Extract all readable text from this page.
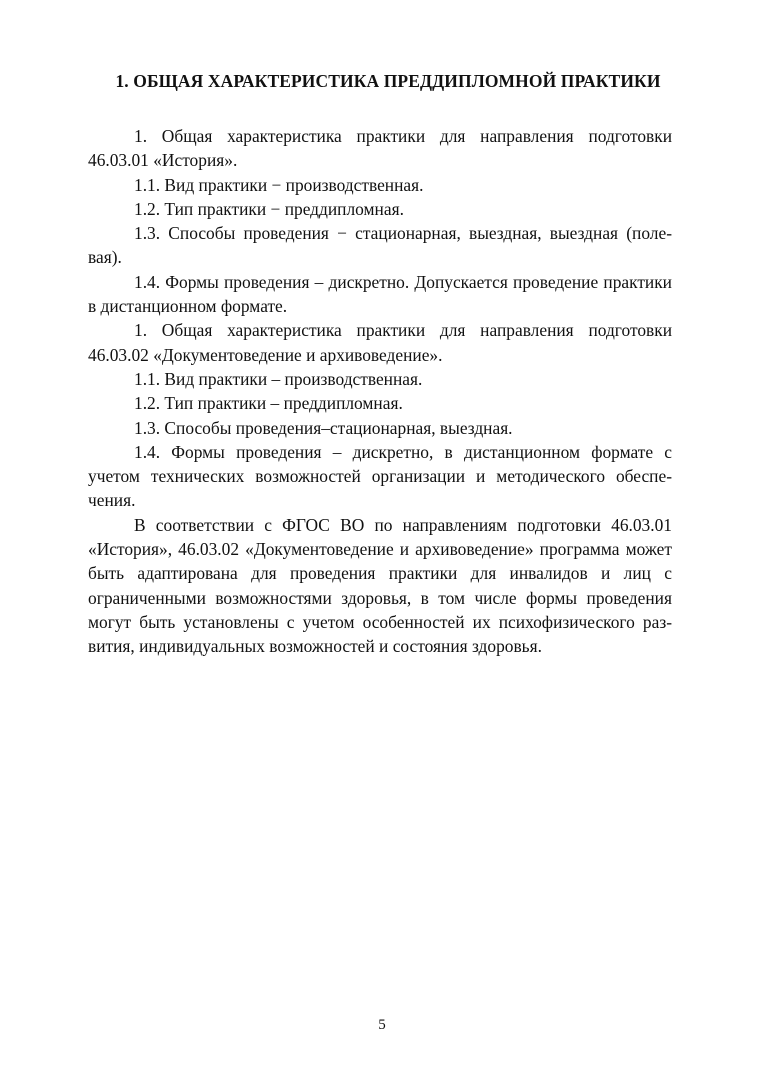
1. ОБЩАЯ ХАРАКТЕРИСТИКА ПРЕДДИПЛОМНОЙ ПРАКТИКИ

1. Общая характеристика практики для направления подготовки 46.03.01 «История».

1.1. Вид практики − производственная.

1.2. Тип практики − преддипломная.

1.3. Способы проведения − стационарная, выездная, выездная (полевая).

1.4. Формы проведения – дискретно. Допускается проведение практики в дистанционном формате.

1. Общая характеристика практики для направления подготовки 46.03.02 «Документоведение и архивоведение».

1.1. Вид практики – производственная.

1.2. Тип практики – преддипломная.

1.3. Способы проведения–стационарная, выездная.

1.4. Формы проведения – дискретно, в дистанционном формате с учетом технических возможностей организации и методического обеспечения.

В соответствии с ФГОС ВО по направлениям подготовки 46.03.01 «История», 46.03.02 «Документоведение и архивоведение» программа может быть адаптирована для проведения практики для инвалидов и лиц с ограниченными возможностями здоровья, в том числе формы проведения могут быть установлены с учетом особенностей их психофизического развития, индивидуальных возможностей и состояния здоровья.

5
